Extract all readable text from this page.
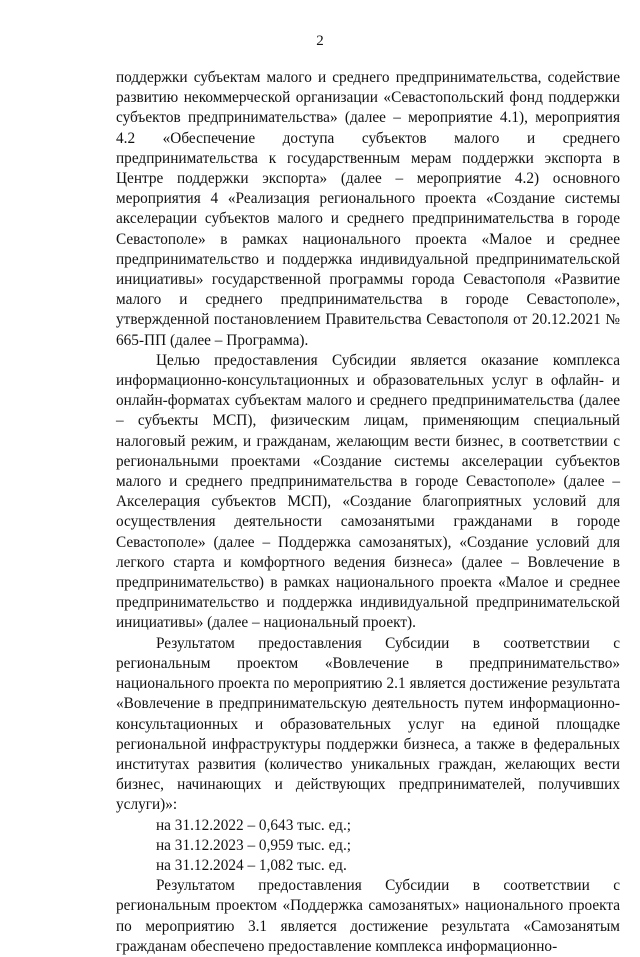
2

поддержки субъектам малого и среднего предпринимательства, содействие развитию некоммерческой организации «Севастопольский фонд поддержки субъектов предпринимательства» (далее – мероприятие 4.1), мероприятия 4.2 «Обеспечение доступа субъектов малого и среднего предпринимательства к государственным мерам поддержки экспорта в Центре поддержки экспорта» (далее – мероприятие 4.2) основного мероприятия 4 «Реализация регионального проекта «Создание системы акселерации субъектов малого и среднего предпринимательства в городе Севастополе» в рамках национального проекта «Малое и среднее предпринимательство и поддержка индивидуальной предпринимательской инициативы» государственной программы города Севастополя «Развитие малого и среднего предпринимательства в городе Севастополе», утвержденной постановлением Правительства Севастополя от 20.12.2021 № 665-ПП (далее – Программа).

Целью предоставления Субсидии является оказание комплекса информационно-консультационных и образовательных услуг в офлайн- и онлайн-форматах субъектам малого и среднего предпринимательства (далее – субъекты МСП), физическим лицам, применяющим специальный налоговый режим, и гражданам, желающим вести бизнес, в соответствии с региональными проектами «Создание системы акселерации субъектов малого и среднего предпринимательства в городе Севастополе» (далее – Акселерация субъектов МСП), «Создание благоприятных условий для осуществления деятельности самозанятыми гражданами в городе Севастополе» (далее – Поддержка самозанятых), «Создание условий для легкого старта и комфортного ведения бизнеса» (далее – Вовлечение в предпринимательство) в рамках национального проекта «Малое и среднее предпринимательство и поддержка индивидуальной предпринимательской инициативы» (далее – национальный проект).

Результатом предоставления Субсидии в соответствии с региональным проектом «Вовлечение в предпринимательство» национального проекта по мероприятию 2.1 является достижение результата «Вовлечение в предпринимательскую деятельность путем информационно-консультационных и образовательных услуг на единой площадке региональной инфраструктуры поддержки бизнеса, а также в федеральных институтах развития (количество уникальных граждан, желающих вести бизнес, начинающих и действующих предпринимателей, получивших услуги)»:

на 31.12.2022 – 0,643 тыс. ед.;

на 31.12.2023 – 0,959 тыс. ед.;

на 31.12.2024 – 1,082 тыс. ед.

Результатом предоставления Субсидии в соответствии с региональным проектом «Поддержка самозанятых» национального проекта по мероприятию 3.1 является достижение результата «Самозанятым гражданам обеспечено предоставление комплекса информационно-
